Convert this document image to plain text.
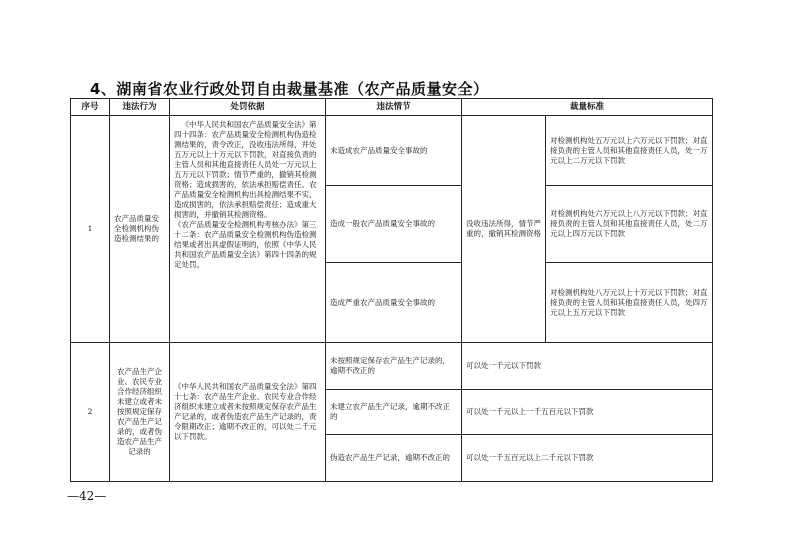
4、湖南省农业行政处罚自由裁量基准（农产品质量安全）
序号	违法行为	处罚依据	违法情节	裁量标准	
1	农产品质量安全检测机构伪造检测结果的	《中华人民共和国农产品质量安全法》第四十四条：农产品质量安全检测机构伪造检测结果的，责令改正，没收违法所得，并处五万元以上十万元以下罚款，对直接负责的主管人员和其他直接责任人员处一万元以上五万元以下罚款；情节严重的，撤销其检测资格；造成损害的，依法承担赔偿责任。农产品质量安全检测机构出具检测结果不实，造成损害的，依法承担赔偿责任；造成重大损害的，并撤销其检测资格。
《农产品质量安全检测机构考核办法》第三十二条：农产品质量安全检测机构伪造检测结果或者出具虚假证明的，依照《中华人民共和国农产品质量安全法》第四十四条的规定处罚。	未造成农产品质量安全事故的	没收违法所得，情节严重的，撤销其检测资格	对检测机构处五万元以上六万元以下罚款；对直接负责的主管人员和其他直接责任人员，处一万元以上二万元以下罚款
			造成一般农产品质量安全事故的		对检测机构处六万元以上八万元以下罚款；对直接负责的主管人员和其他直接责任人员，处二万元以上四万元以下罚款
			造成严重农产品质量安全事故的		对检测机构处八万元以上十万元以下罚款；对直接负责的主管人员和其他直接责任人员，处四万元以上五万元以下罚款
2	农产品生产企业、农民专业合作经济组织未建立或者未按照规定保存农产品生产记录的，或者伪造农产品生产记录的	《中华人民共和国农产品质量安全法》第四十七条：农产品生产企业、农民专业合作经济组织未建立或者未按照规定保存农产品生产记录的，或者伪造农产品生产记录的，责令限期改正；逾期不改正的，可以处二千元以下罚款。	未按照规定保存农产品生产记录的，逾期不改正的	可以处一千元以下罚款	
			未建立农产品生产记录，逾期不改正的	可以处一千元以上一千五百元以下罚款	
			伪造农产品生产记录，逾期不改正的	可以处一千五百元以上二千元以下罚款	
—42—
